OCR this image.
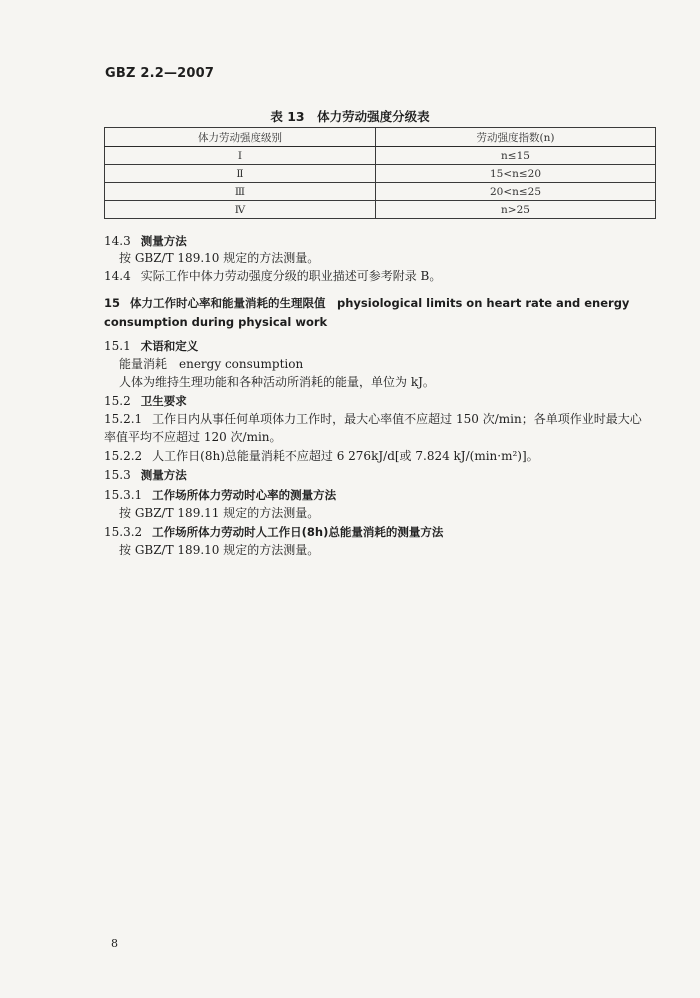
GBZ 2.2—2007
表 13　体力劳动强度分级表
体力劳动强度级别	劳动强度指数(n)
Ⅰ	n≤15
Ⅱ	15<n≤20
Ⅲ	20<n≤25
Ⅳ	n>25
14.3 测量方法
按 GBZ/T 189.10 规定的方法测量。
14.4 实际工作中体力劳动强度分级的职业描述可参考附录 B。
15 体力工作时心率和能量消耗的生理限值　physiological limits on heart rate and energy consumption during physical work
15.1 术语和定义
能量消耗　energy consumption
人体为维持生理功能和各种活动所消耗的能量，单位为 kJ。
15.2 卫生要求
15.2.1 工作日内从事任何单项体力工作时，最大心率值不应超过 150 次/min；各单项作业时最大心
率值平均不应超过 120 次/min。
15.2.2 人工作日(8h)总能量消耗不应超过 6 276kJ/d[或 7.824 kJ/(min·m²)]。
15.3 测量方法
15.3.1 工作场所体力劳动时心率的测量方法
按 GBZ/T 189.11 规定的方法测量。
15.3.2 工作场所体力劳动时人工作日(8h)总能量消耗的测量方法
按 GBZ/T 189.10 规定的方法测量。
8
